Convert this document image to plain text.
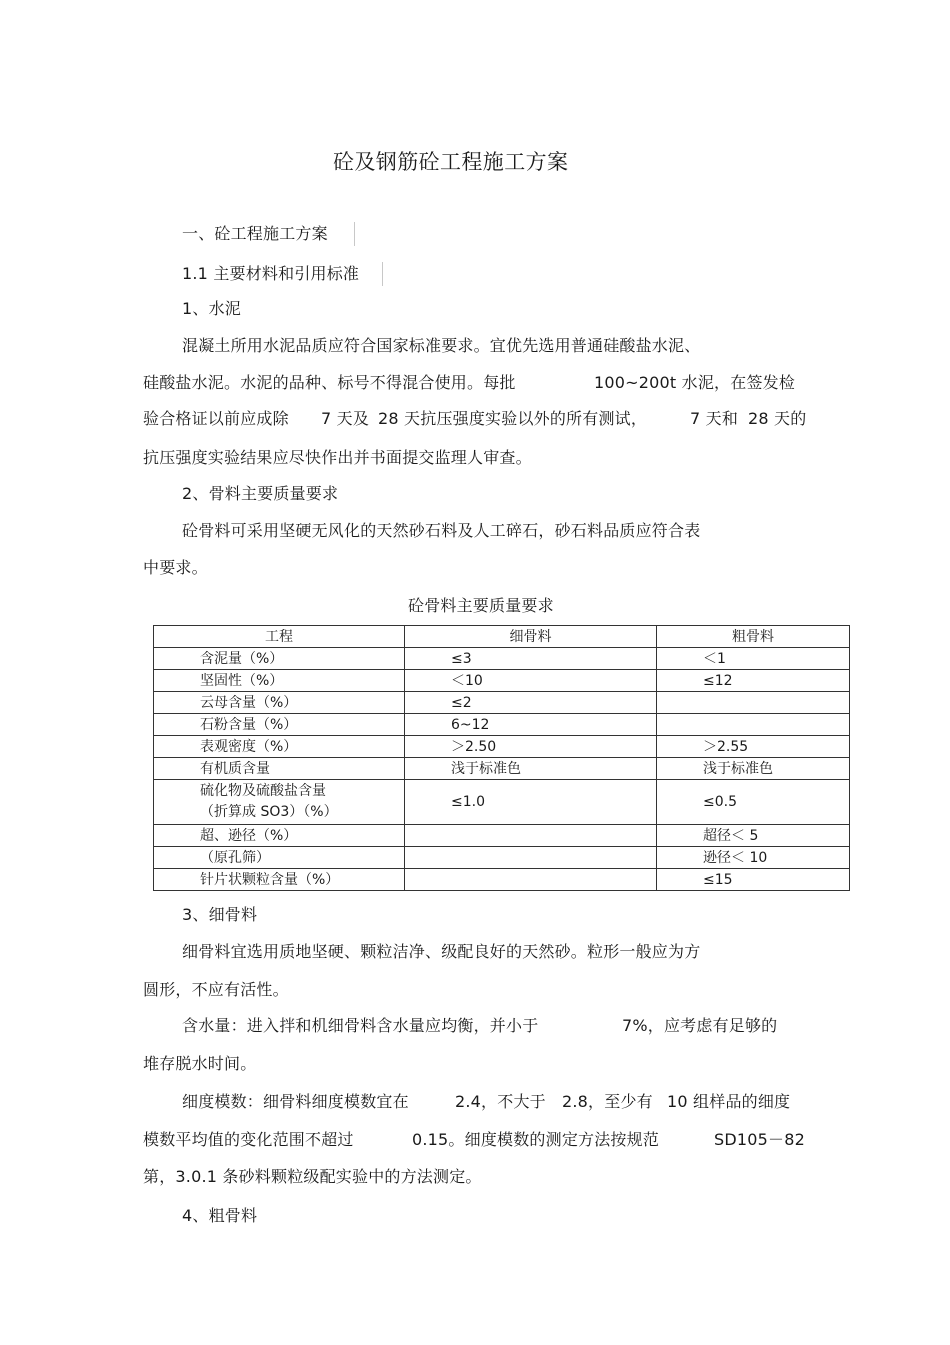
砼及钢筋砼工程施工方案
一、砼工程施工方案
1.1 主要材料和引用标准
1、水泥
混凝土所用水泥品质应符合国家标准要求。宜优先选用普通硅酸盐水泥、
硅酸盐水泥。水泥的品种、标号不得混合使用。每批	100~200t 水泥，在签发检
验合格证以前应成除 7 天及 28 天抗压强度实验以外的所有测试，	7 天和 28 天的
抗压强度实验结果应尽快作出并书面提交监理人审查。
2、骨料主要质量要求
砼骨料可采用坚硬无风化的天然砂石料及人工碎石，砂石料品质应符合表
中要求。
砼骨料主要质量要求
工程	细骨料	粗骨料
含泥量（%）	≤3	＜1
坚固性（%）	＜10	≤12
云母含量（%）	≤2	
石粉含量（%）	6~12	
表观密度（%）	＞2.50	＞2.55
有机质含量	浅于标准色	浅于标准色

硫化物及硫酸盐含量
（折算成 SO3）（%）	≤1.0	≤0.5
超、逊径（%）		超径＜ 5
（原孔筛）		逊径＜ 10
针片状颗粒含量（%）		≤15
3、细骨料
细骨料宜选用质地坚硬、颗粒洁净、级配良好的天然砂。粒形一般应为方
圆形，不应有活性。
含水量：进入拌和机细骨料含水量应均衡，并小于	7%，应考虑有足够的
堆存脱水时间。
细度模数：细骨料细度模数宜在	2.4，不大于 2.8，至少有 10 组样品的细度
模数平均值的变化范围不超过	0.15。细度模数的测定方法按规范	SD105－82
第，3.0.1 条砂料颗粒级配实验中的方法测定。
4、粗骨料
